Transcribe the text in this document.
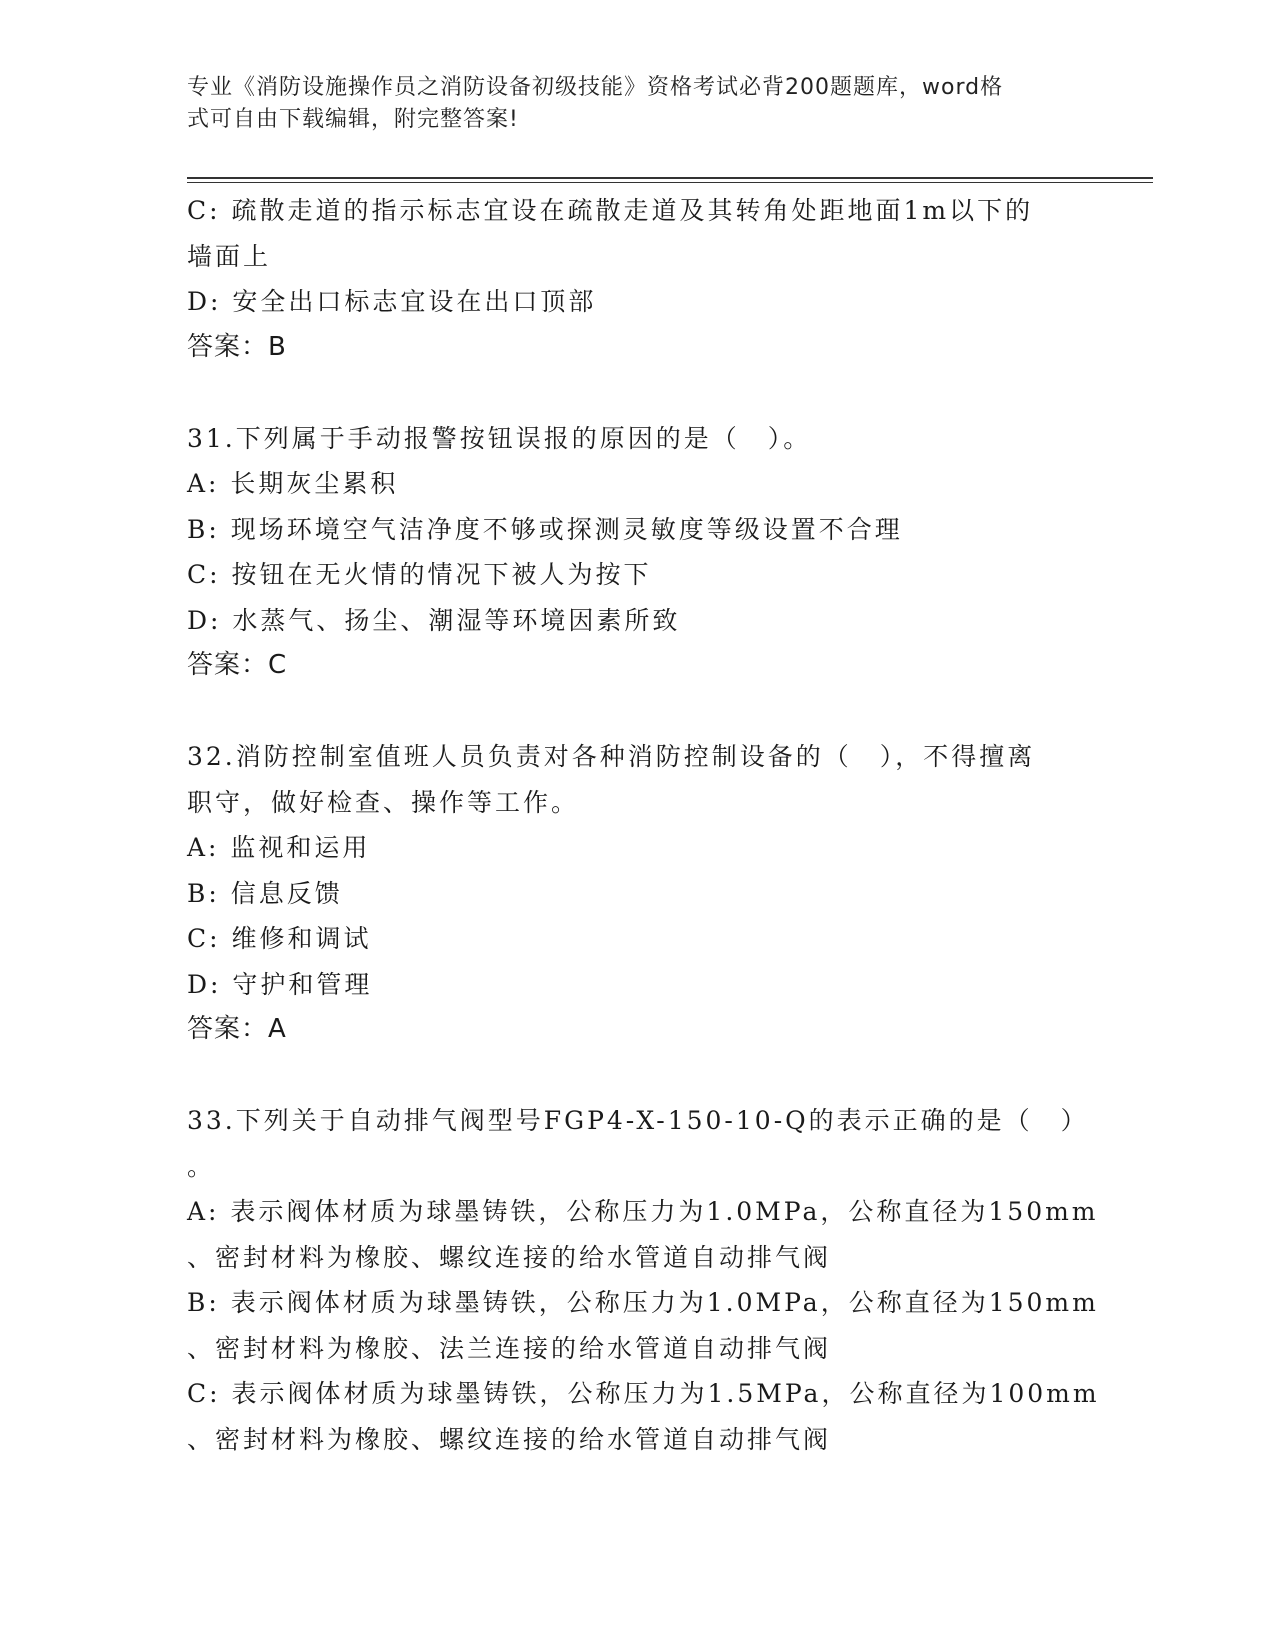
专业《消防设施操作员之消防设备初级技能》资格考试必背200题题库，word格
式可自由下载编辑，附完整答案!
C: 疏散走道的指示标志宜设在疏散走道及其转角处距地面1m以下的
墙面上
D: 安全出口标志宜设在出口顶部
答案：B
31.下列属于手动报警按钮误报的原因的是（　）。
A: 长期灰尘累积
B: 现场环境空气洁净度不够或探测灵敏度等级设置不合理
C: 按钮在无火情的情况下被人为按下
D: 水蒸气、扬尘、潮湿等环境因素所致
答案：C
32.消防控制室值班人员负责对各种消防控制设备的（　），不得擅离
职守，做好检查、操作等工作。
A: 监视和运用
B: 信息反馈
C: 维修和调试
D: 守护和管理
答案：A
33.下列关于自动排气阀型号FGP4-X-150-10-Q的表示正确的是（　）
。
A: 表示阀体材质为球墨铸铁，公称压力为1.0MPa，公称直径为150mm
、密封材料为橡胶、螺纹连接的给水管道自动排气阀
B: 表示阀体材质为球墨铸铁，公称压力为1.0MPa，公称直径为150mm
、密封材料为橡胶、法兰连接的给水管道自动排气阀
C: 表示阀体材质为球墨铸铁，公称压力为1.5MPa，公称直径为100mm
、密封材料为橡胶、螺纹连接的给水管道自动排气阀
